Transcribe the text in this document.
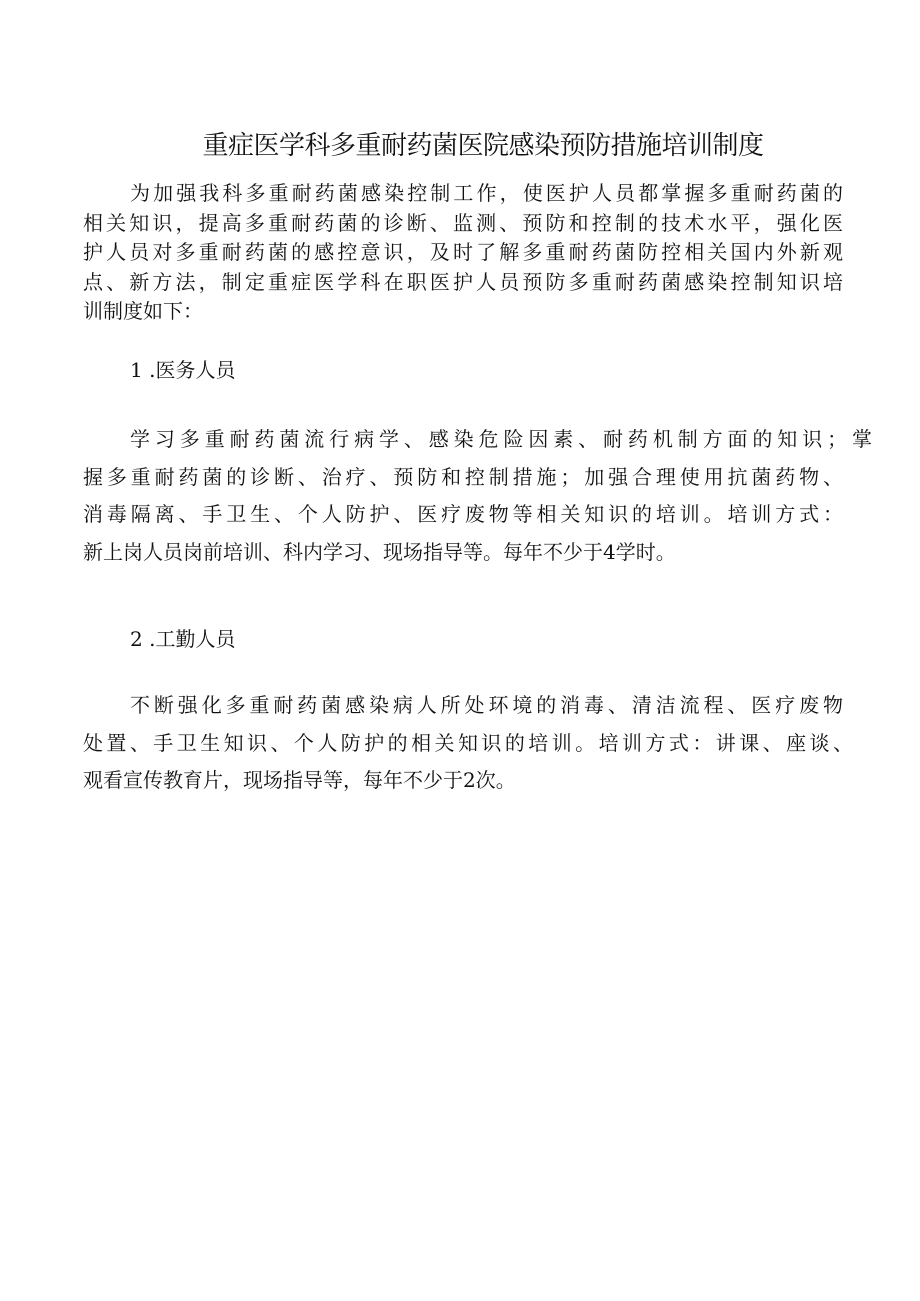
重症医学科多重耐药菌医院感染预防措施培训制度
为加强我科多重耐药菌感染控制工作，使医护人员都掌握多重耐药菌的
相关知识，提高多重耐药菌的诊断、监测、预防和控制的技术水平，强化医
护人员对多重耐药菌的感控意识，及时了解多重耐药菌防控相关国内外新观
点、新方法，制定重症医学科在职医护人员预防多重耐药菌感染控制知识培
训制度如下：
1 .医务人员
学习多重耐药菌流行病学、感染危险因素、耐药机制方面的知识；掌
握多重耐药菌的诊断、治疗、预防和控制措施；加强合理使用抗菌药物、
消毒隔离、手卫生、个人防护、医疗废物等相关知识的培训。培训方式：
新上岗人员岗前培训、科内学习、现场指导等。每年不少于4学时。
2 .工勤人员
不断强化多重耐药菌感染病人所处环境的消毒、清洁流程、医疗废物
处置、手卫生知识、个人防护的相关知识的培训。培训方式：讲课、座谈、
观看宣传教育片，现场指导等，每年不少于2次。
